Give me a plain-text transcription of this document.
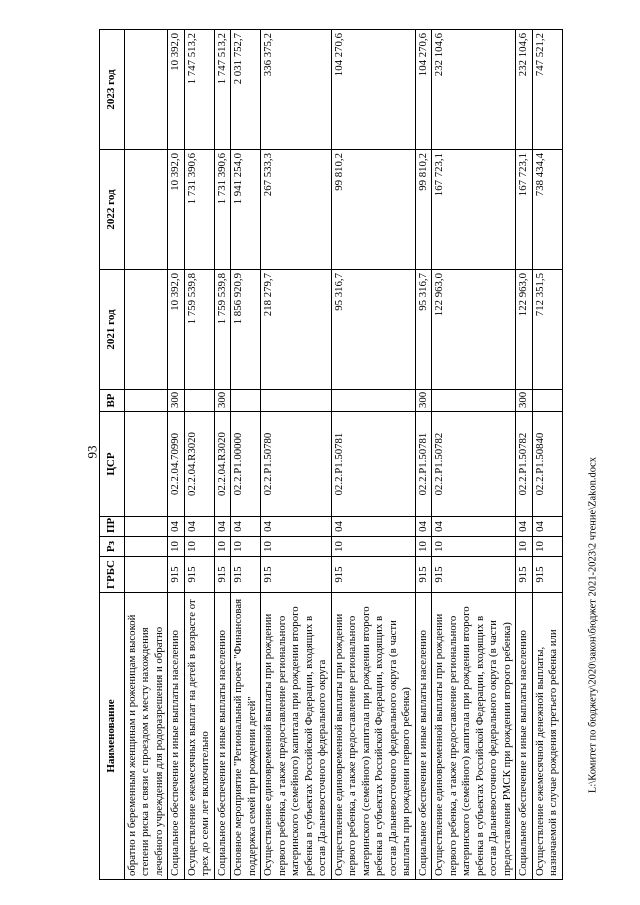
93
Наименование	ГРБС	Рз	ПР	ЦСР	ВР	2021 год	2022 год	2023 год
обратно и беременным женщинам и роженицам высокой степени риска в связи с проездом к месту нахождения лечебного учреждения для родоразрешения и обратно								
Социальное обеспечение и иные выплаты населению	915	10	04	02.2.04.70990	300	10 392,0	10 392,0	10 392,0
Осуществление ежемесячных выплат на детей в возрасте от трех до семи лет включительно	915	10	04	02.2.04.R3020		1 759 539,8	1 731 390,6	1 747 513,2
Социальное обеспечение и иные выплаты населению	915	10	04	02.2.04.R3020	300	1 759 539,8	1 731 390,6	1 747 513,2
Основное мероприятие "Региональный проект "Финансовая поддержка семей при рождении детей"	915	10	04	02.2.P1.00000		1 856 920,9	1 941 254,0	2 031 752,7
Осуществление единовременной выплаты при рождении первого ребенка, а также предоставление регионального материнского (семейного) капитала при рождении второго ребенка в субъектах Российской Федерации, входящих в состав Дальневосточного федерального округа	915	10	04	02.2.P1.50780		218 279,7	267 533,3	336 375,2
Осуществление единовременной выплаты при рождении первого ребенка, а также предоставление регионального материнского (семейного) капитала при рождении второго ребенка в субъектах Российской Федерации, входящих в состав Дальневосточного федерального округа (в части выплаты при рождении первого ребенка)	915	10	04	02.2.P1.50781		95 316,7	99 810,2	104 270,6
Социальное обеспечение и иные выплаты населению	915	10	04	02.2.P1.50781	300	95 316,7	99 810,2	104 270,6
Осуществление единовременной выплаты при рождении первого ребенка, а также предоставление регионального материнского (семейного) капитала при рождении второго ребенка в субъектах Российской Федерации, входящих в состав Дальневосточного федерального округа (в части предоставления РМСК при рождении второго ребенка)	915	10	04	02.2.P1.50782		122 963,0	167 723,1	232 104,6
Социальное обеспечение и иные выплаты населению	915	10	04	02.2.P1.50782	300	122 963,0	167 723,1	232 104,6
Осуществление ежемесячной денежной выплаты, назначаемой в случае рождения третьего ребенка или	915	10	04	02.2.P1.50840		712 351,5	738 434,4	747 521,2
L:\Комитет по бюджету\2020\закон\бюджет 2021-2023\2 чтение\Zakon.docx
